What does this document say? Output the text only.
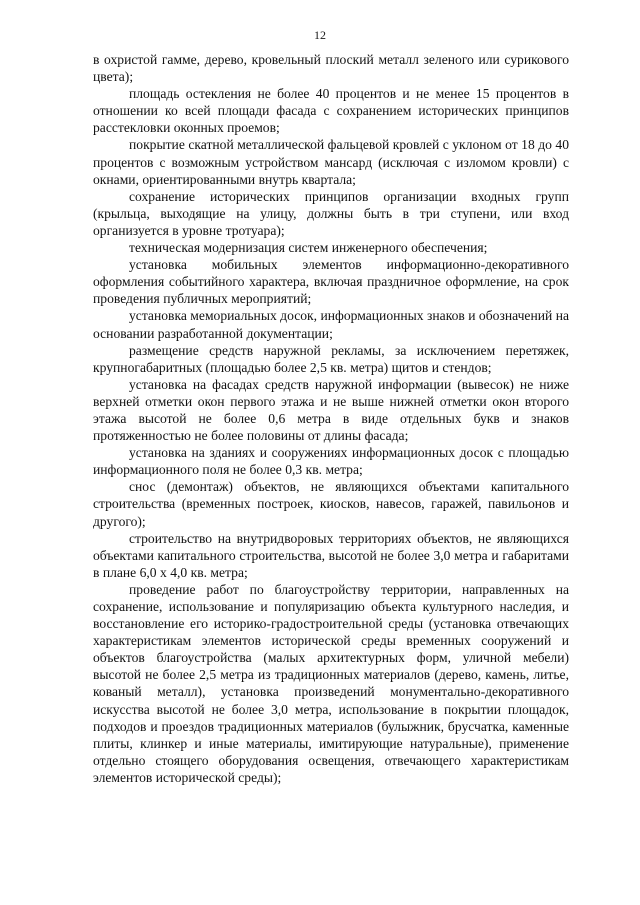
12

в охристой гамме, дерево, кровельный плоский металл зеленого или сурикового цвета);

площадь остекления не более 40 процентов и не менее 15 процентов в отношении ко всей площади фасада с сохранением исторических принципов расстекловки оконных проемов;

покрытие скатной металлической фальцевой кровлей с уклоном от 18 до 40 процентов с возможным устройством мансард (исключая с изломом кровли) с окнами, ориентированными внутрь квартала;

сохранение исторических принципов организации входных групп (крыльца, выходящие на улицу, должны быть в три ступени, или вход организуется в уровне тротуара);

техническая модернизация систем инженерного обеспечения;

установка мобильных элементов информационно-декоративного оформления событийного характера, включая праздничное оформление, на срок проведения публичных мероприятий;

установка мемориальных досок, информационных знаков и обозначений на основании разработанной документации;

размещение средств наружной рекламы, за исключением перетяжек, крупногабаритных (площадью более 2,5 кв. метра) щитов и стендов;

установка на фасадах средств наружной информации (вывесок) не ниже верхней отметки окон первого этажа и не выше нижней отметки окон второго этажа высотой не более 0,6 метра в виде отдельных букв и знаков протяженностью не более половины от длины фасада;

установка на зданиях и сооружениях информационных досок с площадью информационного поля не более 0,3 кв. метра;

снос (демонтаж) объектов, не являющихся объектами капитального строительства (временных построек, киосков, навесов, гаражей, павильонов и другого);

строительство на внутридворовых территориях объектов, не являющихся объектами капитального строительства, высотой не более 3,0 метра и габаритами в плане 6,0 х 4,0 кв. метра;

проведение работ по благоустройству территории, направленных на сохранение, использование и популяризацию объекта культурного наследия, и восстановление его историко-градостроительной среды (установка отвечающих характеристикам элементов исторической среды временных сооружений и объектов благоустройства (малых архитектурных форм, уличной мебели) высотой не более 2,5 метра из традиционных материалов (дерево, камень, литье, кованый металл), установка произведений монументально-декоративного искусства высотой не более 3,0 метра, использование в покрытии площадок, подходов и проездов традиционных материалов (булыжник, брусчатка, каменные плиты, клинкер и иные материалы, имитирующие натуральные), применение отдельно стоящего оборудования освещения, отвечающего характеристикам элементов исторической среды);
